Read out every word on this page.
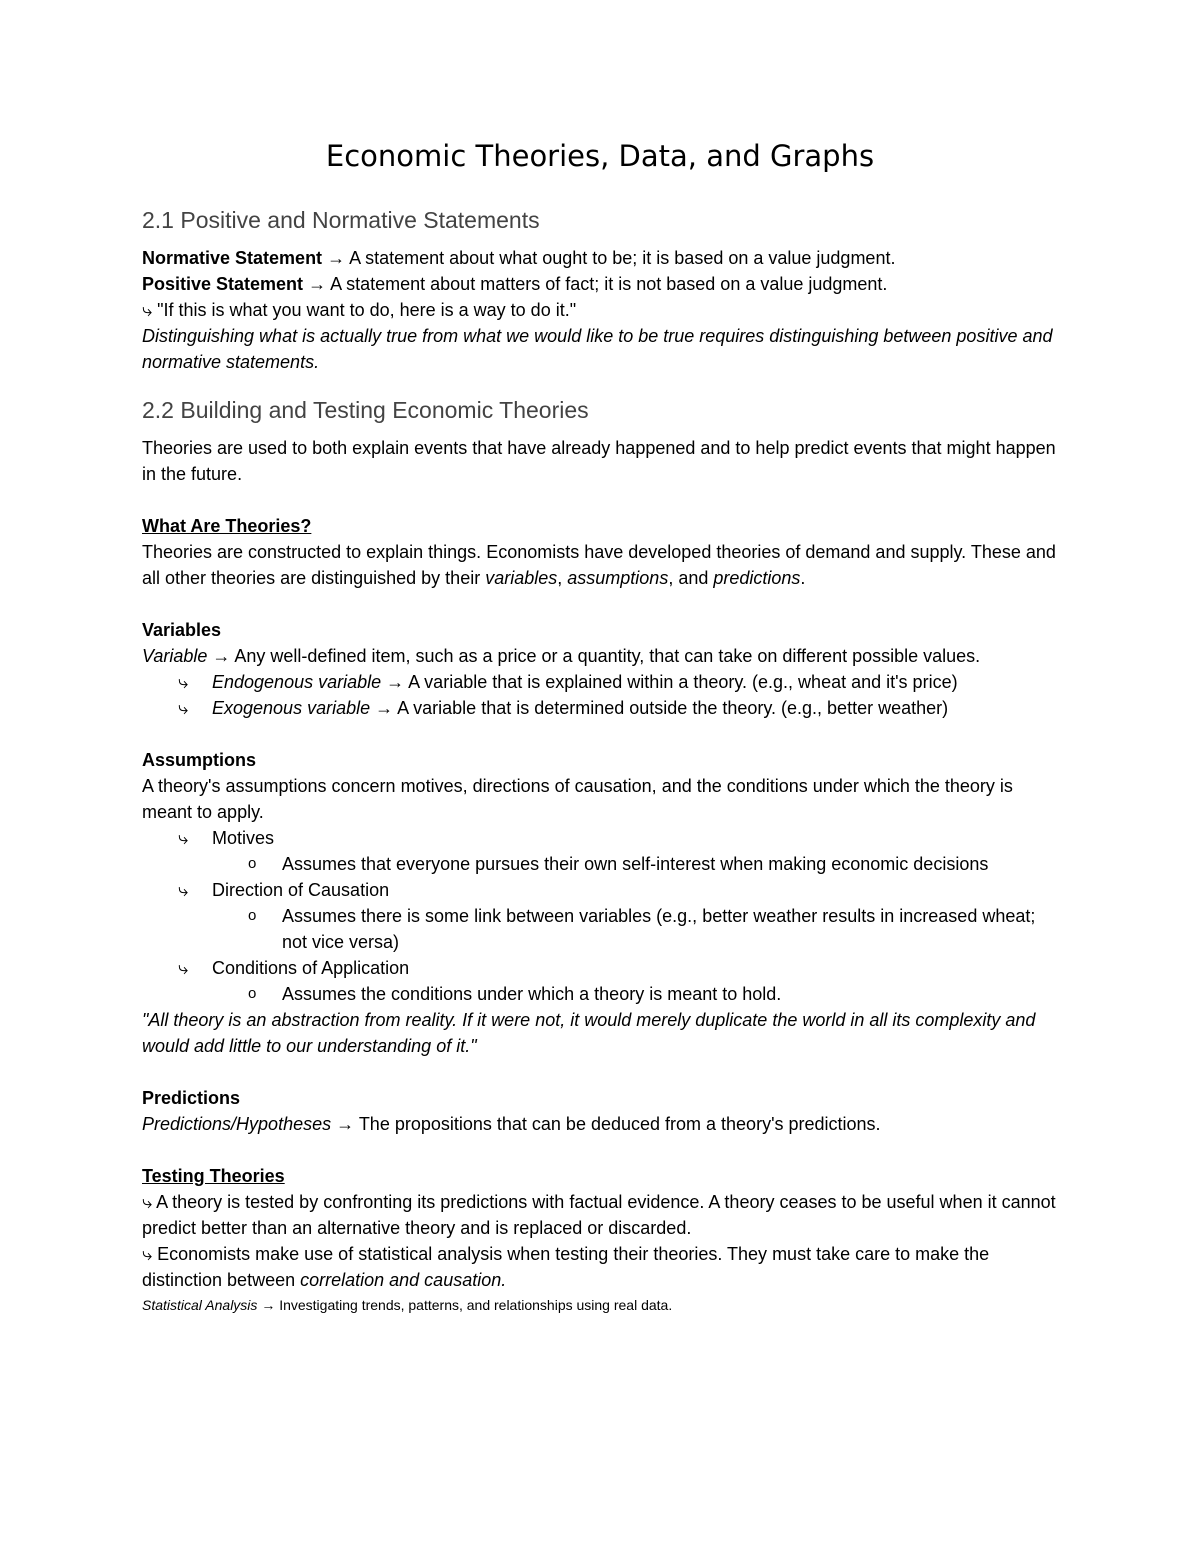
Economic Theories, Data, and Graphs
2.1 Positive and Normative Statements

Normative Statement → A statement about what ought to be; it is based on a value judgment.

Positive Statement → A statement about matters of fact; it is not based on a value judgment.

⤷ "If this is what you want to do, here is a way to do it."

Distinguishing what is actually true from what we would like to be true requires distinguishing between positive and normative statements.

2.2 Building and Testing Economic Theories

Theories are used to both explain events that have already happened and to help predict events that might happen in the future.

What Are Theories?

Theories are constructed to explain things. Economists have developed theories of demand and supply. These and all other theories are distinguished by their variables, assumptions, and predictions.

Variables

Variable → Any well-defined item, such as a price or a quantity, that can take on different possible values.

⤷ Endogenous variable → A variable that is explained within a theory. (e.g., wheat and it's price)

⤷ Exogenous variable → A variable that is determined outside the theory. (e.g., better weather)

Assumptions

A theory's assumptions concern motives, directions of causation, and the conditions under which the theory is meant to apply.

⤷ Motives

o Assumes that everyone pursues their own self-interest when making economic decisions

⤷ Direction of Causation

o Assumes there is some link between variables (e.g., better weather results in increased wheat; not vice versa)

⤷ Conditions of Application

o Assumes the conditions under which a theory is meant to hold.

"All theory is an abstraction from reality. If it were not, it would merely duplicate the world in all its complexity and would add little to our understanding of it."

Predictions

Predictions/Hypotheses → The propositions that can be deduced from a theory's predictions.

Testing Theories

⤷ A theory is tested by confronting its predictions with factual evidence. A theory ceases to be useful when it cannot predict better than an alternative theory and is replaced or discarded.

⤷ Economists make use of statistical analysis when testing their theories. They must take care to make the distinction between correlation and causation.

Statistical Analysis → Investigating trends, patterns, and relationships using real data.
